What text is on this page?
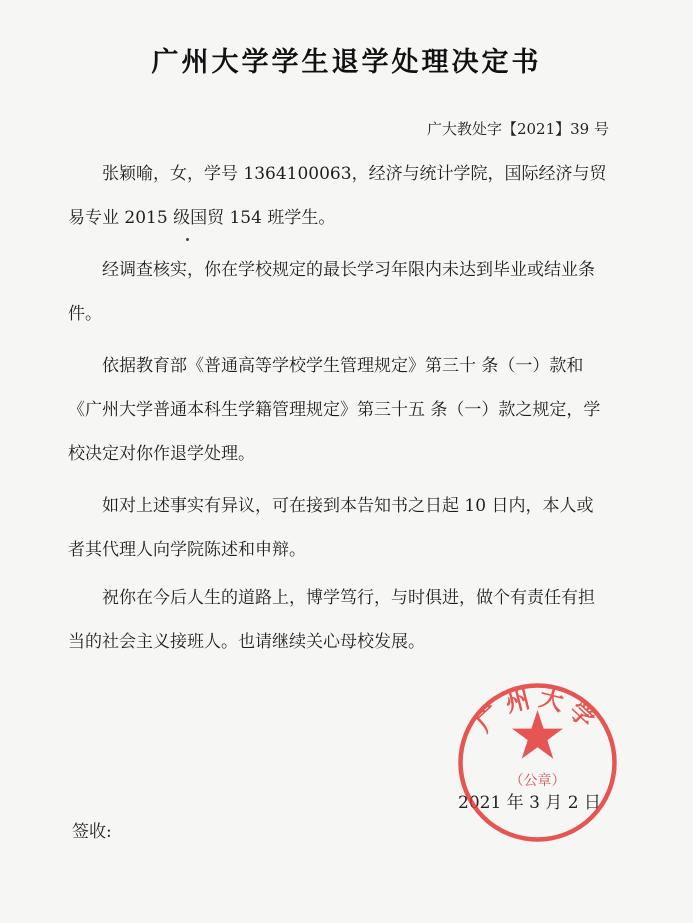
广州大学学生退学处理决定书
广大教处字【2021】39 号
张颖喻，女，学号 1364100063，经济与统计学院，国际经济与贸易专业 2015 级国贸 154 班学生。
经调查核实，你在学校规定的最长学习年限内未达到毕业或结业条件。
依据教育部《普通高等学校学生管理规定》第三十 条（一）款和《广州大学普通本科生学籍管理规定》第三十五 条（一）款之规定，学校决定对你作退学处理。
如对上述事实有异议，可在接到本告知书之日起 10 日内，本人或者其代理人向学院陈述和申辩。
祝你在今后人生的道路上，博学笃行，与时俱进，做个有责任有担当的社会主义接班人。也请继续关心母校发展。
2021 年 3 月 2 日
签收:
广州大学
（公章）
